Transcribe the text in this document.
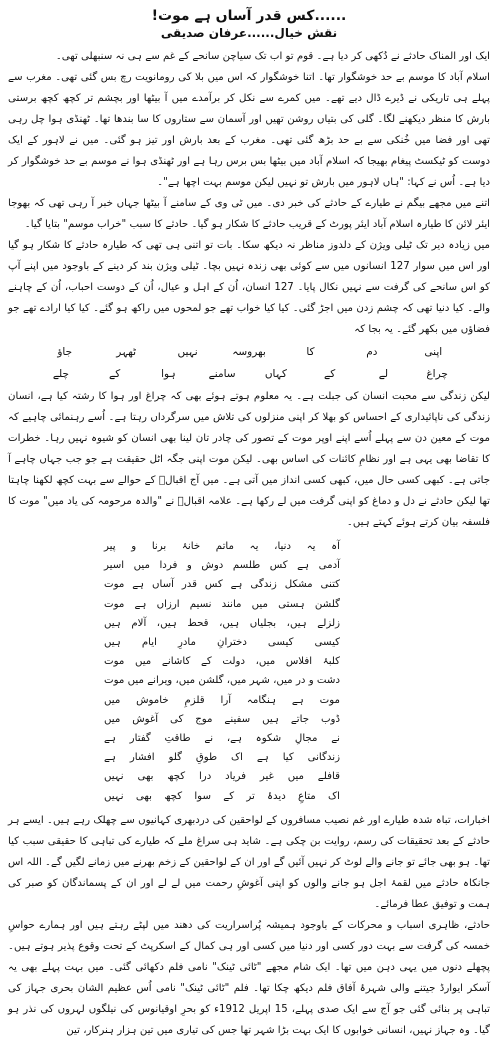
......کس قدر آساں ہے موت!
نقش خیال......عرفان صدیقی

ایک اور المناک حادثے نے دُکھی کر دیا ہے۔ قوم تو اب تک سیاچن سانحے کے غم سے ہی نہ سنبھلی تھی۔

اسلام آباد کا موسم بے حد خوشگوار تھا۔ اتنا خوشگوار کہ اس میں بلا کی رومانویت رچ بس گئی تھی۔ مغرب سے پہلے ہی تاریکی نے ڈیرے ڈال دیے تھے۔ میں کمرے سے نکل کر برآمدے میں آ بیٹھا اور بچشم تر کچھ کچھ برستی بارش کا منظر دیکھنے لگا۔ گلی کی بتیاں روشن تھیں اور آسمان سے ستاروں کا سا بندھا تھا۔ ٹھنڈی ہوا چل رہی تھی اور فضا میں خُنکی سے بے حد بڑھ گئی تھی۔ مغرب کے بعد بارش اور تیز ہو گئی۔ میں نے لاہور کے ایک دوست کو ٹیکسٹ پیغام بھیجا کہ اسلام آباد میں بیٹھا بس برس رہا ہے اور ٹھنڈی ہوا نے موسم بے حد خوشگوار کر دیا ہے۔ اُس نے کہا: "ہاں لاہور میں بارش تو نہیں لیکن موسم بہت اچھا ہے"۔

اتنے میں مجھے بیگم نے طیارے کے حادثے کی خبر دی۔ میں ٹی وی کے سامنے آ بیٹھا جہاں خبر آ رہی تھی کہ بھوجا ایئر لائن کا طیارہ اسلام آباد ایئر پورٹ کے قریب حادثے کا شکار ہو گیا۔ حادثے کا سبب "خراب موسم" بتایا گیا۔

میں زیادہ دیر تک ٹیلی ویژن کے دلدوز مناظر نہ دیکھ سکا۔ بات تو اتنی ہی تھی کہ طیارہ حادثے کا شکار ہو گیا اور اس میں سوار 127 انسانوں میں سے کوئی بھی زندہ نہیں بچا۔ ٹیلی ویژن بند کر دینے کے باوجود میں اپنے آپ کو اس سانحے کی گرفت سے نہیں نکال پایا۔ 127 انسان، اُن کے اہل و عیال، اُن کے دوست احباب، اُن کے چاہنے والے۔ کیا دنیا تھی کہ چشم زدن میں اجڑ گئی۔ کیا کیا خواب تھے جو لمحوں میں راکھ ہو گئے۔ کیا کیا ارادے تھے جو فضاؤں میں بکھر گئے۔ یہ بجا کہ

اپنی
دم
کا
بھروسہ
نہیں
ٹھہر
جاؤ
چراغ
لے
کے
کہاں
سامنے
ہوا
کے
چلے

لیکن زندگی سے محبت انسان کی جبلت ہے۔ یہ معلوم ہوتے ہوئے بھی کہ چراغ اور ہوا کا رشتہ کیا ہے، انسان زندگی کی ناپائیداری کے احساس کو بھلا کر اپنی منزلوں کی تلاش میں سرگرداں رہتا ہے۔ اُسے رہنمائی چاہیے کہ موت کے معین دن سے پہلے اُسے اپنے اوپر موت کے تصور کی چادر تان لینا بھی انسان کو شیوہ نہیں رہا۔ خطرات کا تقاضا بھی یہی ہے اور نظامِ کائنات کی اساس بھی۔ لیکن موت اپنی جگہ اٹل حقیقت ہے جو جب جہاں چاہے آ جاتی ہے۔ کبھی کسی حال میں، کبھی کسی انداز میں آتی ہے۔ میں آج اقبالؒ کے حوالے سے بہت کچھ لکھنا چاہتا تھا لیکن حادثے نے دل و دماغ کو اپنی گرفت میں لے رکھا ہے۔ علامہ اقبالؒ نے "والدہ مرحومہ کی یاد میں" موت کا فلسفہ بیان کرتے ہوئے کہتے ہیں۔

آہ یہ دنیا، یہ ماتم خانۂ برنا و پیر
آدمی ہے کس طلسم دوش و فردا میں اسیر
کتنی مشکل زندگی ہے کس قدر آساں ہے موت
گلشن ہستی میں مانند نسیم ارزاں ہے موت
زلزلے ہیں، بجلیاں ہیں، قحط ہیں، آلام ہیں
کیسی کیسی دخترانِ مادرِ ایام ہیں
کلبۂ افلاس میں، دولت کے کاشانے میں موت
دشت و در میں، شہر میں، گلشن میں، ویرانے میں موت
موت ہے ہنگامہ آرا قلزمِ خاموش میں
ڈوب جاتے ہیں سفینے موج کی آغوش میں
نے مجالِ شکوہ ہے، نے طاقتِ گفتار ہے
زندگانی کیا ہے اک طوقِ گلو افشار ہے
قافلے میں غیر فریاد درا کچھ بھی نہیں
اک متاعِ دیدۂ تر کے سوا کچھ بھی نہیں

اخبارات، تباہ شدہ طیارے اور غم نصیب مسافروں کے لواحقین کی دردبھری کہانیوں سے چھلک رہے ہیں۔ ایسے ہر حادثے کے بعد تحقیقات کی رسم، روایت بن چکی ہے۔ شاید ہی سراغ ملے کہ طیارے کی تباہی کا حقیقی سبب کیا تھا۔ ہو بھی جائے تو جانے والے لوٹ کر نہیں آئیں گے اور ان کے لواحقین کے زخم بھرنے میں زمانے لگیں گے۔ اللہ اس جانکاہ حادثے میں لقمۂ اجل ہو جانے والوں کو اپنی آغوشِ رحمت میں لے لے اور ان کے پسماندگان کو صبر کی ہمت و توفیق عطا فرمائے۔

حادثے، ظاہری اسباب و محرکات کے باوجود ہمیشہ پُراسراریت کی دھند میں لپٹے رہتے ہیں اور ہمارے حواسِ خمسہ کی گرفت سے بہت دور کسی اور دنیا میں کسی اور ہی کمال کے اسکرپٹ کے تحت وقوع پذیر ہوتے ہیں۔ پچھلے دنوں میں یہی دہن میں تھا۔ ایک شام مجھے "ٹائی ٹینک" نامی فلم دکھائی گئی۔ میں بہت پہلے بھی یہ آسکر ایوارڈ جیتنے والی شہرۂ آفاق فلم دیکھ چکا تھا۔ فلم "ٹائی ٹینک" نامی اُس عظیم الشان بحری جہاز کی تباہی پر بنائی گئی جو آج سے ایک صدی پہلے، 15 اپریل 1912ء کو بحرِ اوقیانوس کی نیلگوں لہروں کی نذر ہو گیا۔ وہ جہاز نہیں، انسانی خوابوں کا ایک بہت بڑا شہر تھا جس کی تیاری میں تین ہزار ہنرکار، تین
